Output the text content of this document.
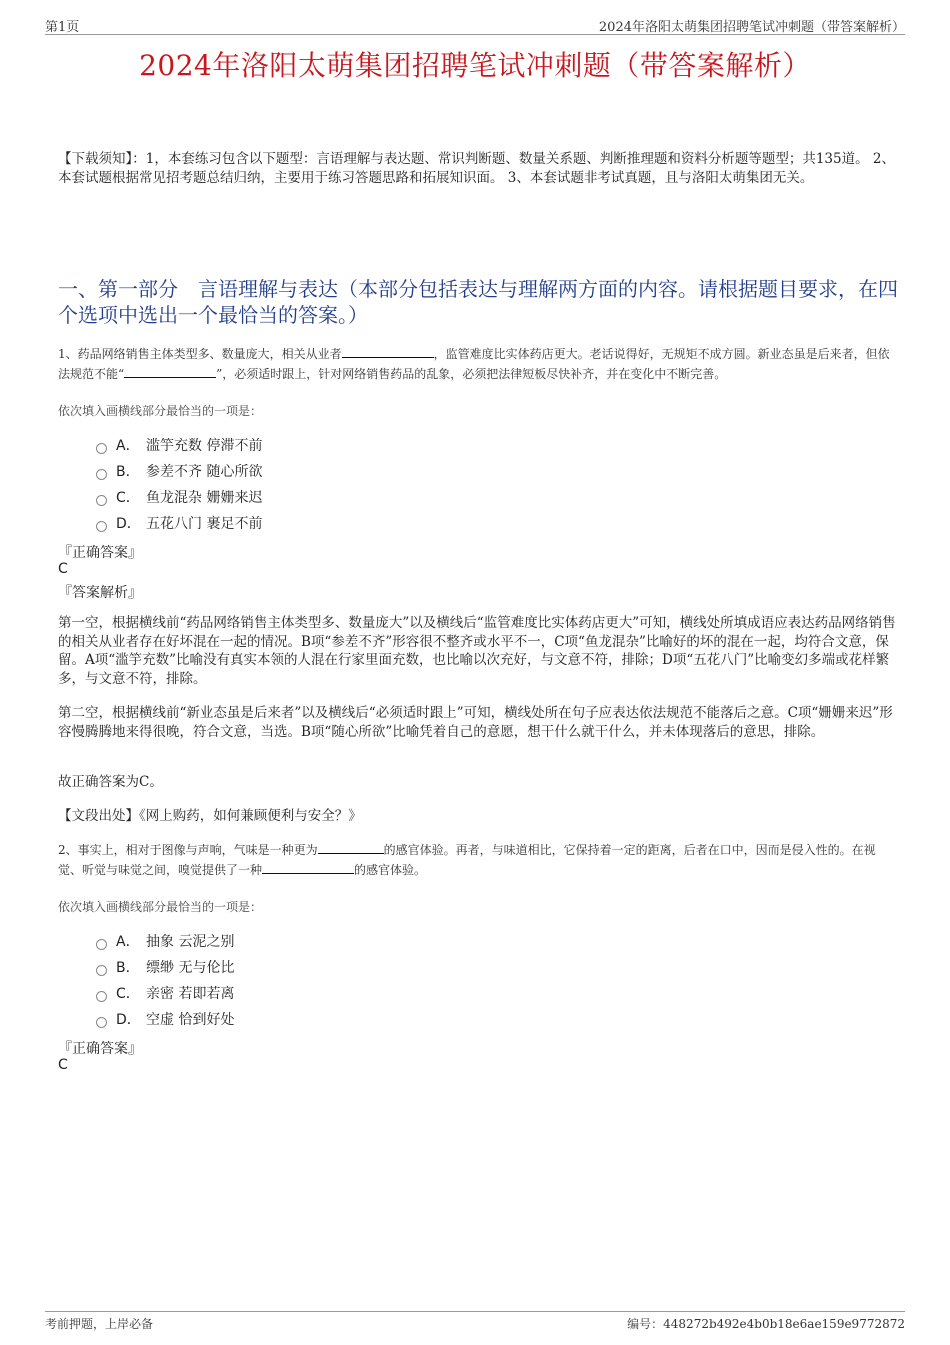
第1页	2024年洛阳太萌集团招聘笔试冲刺题（带答案解析）
2024年洛阳太萌集团招聘笔试冲刺题（带答案解析）
【下载须知】：1，本套练习包含以下题型：言语理解与表达题、常识判断题、数量关系题、判断推理题和资料分析题等题型；共135道。 2、本套试题根据常见招考题总结归纳，主要用于练习答题思路和拓展知识面。 3、本套试题非考试真题，且与洛阳太萌集团无关。
一、第一部分　言语理解与表达（本部分包括表达与理解两方面的内容。请根据题目要求，在四个选项中选出一个最恰当的答案。）
1、药品网络销售主体类型多、数量庞大，相关从业者	，监管难度比实体药店更大。老话说得好，无规矩不成方圆。新业态虽是后来者，但依法规范不能“	”，必须适时跟上，针对网络销售药品的乱象，必须把法律短板尽快补齐，并在变化中不断完善。
依次填入画横线部分最恰当的一项是：
A． 滥竽充数 停滞不前
B． 参差不齐 随心所欲
C． 鱼龙混杂 姗姗来迟
D． 五花八门 裹足不前
『正确答案』
C
『答案解析』
第一空，根据横线前“药品网络销售主体类型多、数量庞大”以及横线后“监管难度比实体药店更大”可知，横线处所填成语应表达药品网络销售的相关从业者存在好坏混在一起的情况。B项“参差不齐”形容很不整齐或水平不一，C项“鱼龙混杂”比喻好的坏的混在一起，均符合文意，保留。A项“滥竽充数”比喻没有真实本领的人混在行家里面充数，也比喻以次充好，与文意不符，排除；D项“五花八门”比喻变幻多端或花样繁多，与文意不符，排除。
第二空，根据横线前“新业态虽是后来者”以及横线后“必须适时跟上”可知，横线处所在句子应表达依法规范不能落后之意。C项“姗姗来迟”形容慢腾腾地来得很晚，符合文意，当选。B项“随心所欲”比喻凭着自己的意愿，想干什么就干什么，并未体现落后的意思，排除。
故正确答案为C。
【文段出处】《网上购药，如何兼顾便利与安全？》
2、事实上，相对于图像与声响，气味是一种更为	的感官体验。再者，与味道相比，它保持着一定的距离，后者在口中，因而是侵入性的。在视觉、听觉与味觉之间，嗅觉提供了一种	的感官体验。
依次填入画横线部分最恰当的一项是：
A． 抽象 云泥之别
B． 缥缈 无与伦比
C． 亲密 若即若离
D． 空虚 恰到好处
『正确答案』
C
考前押题，上岸必备	编号：448272b492e4b0b18e6ae159e9772872
